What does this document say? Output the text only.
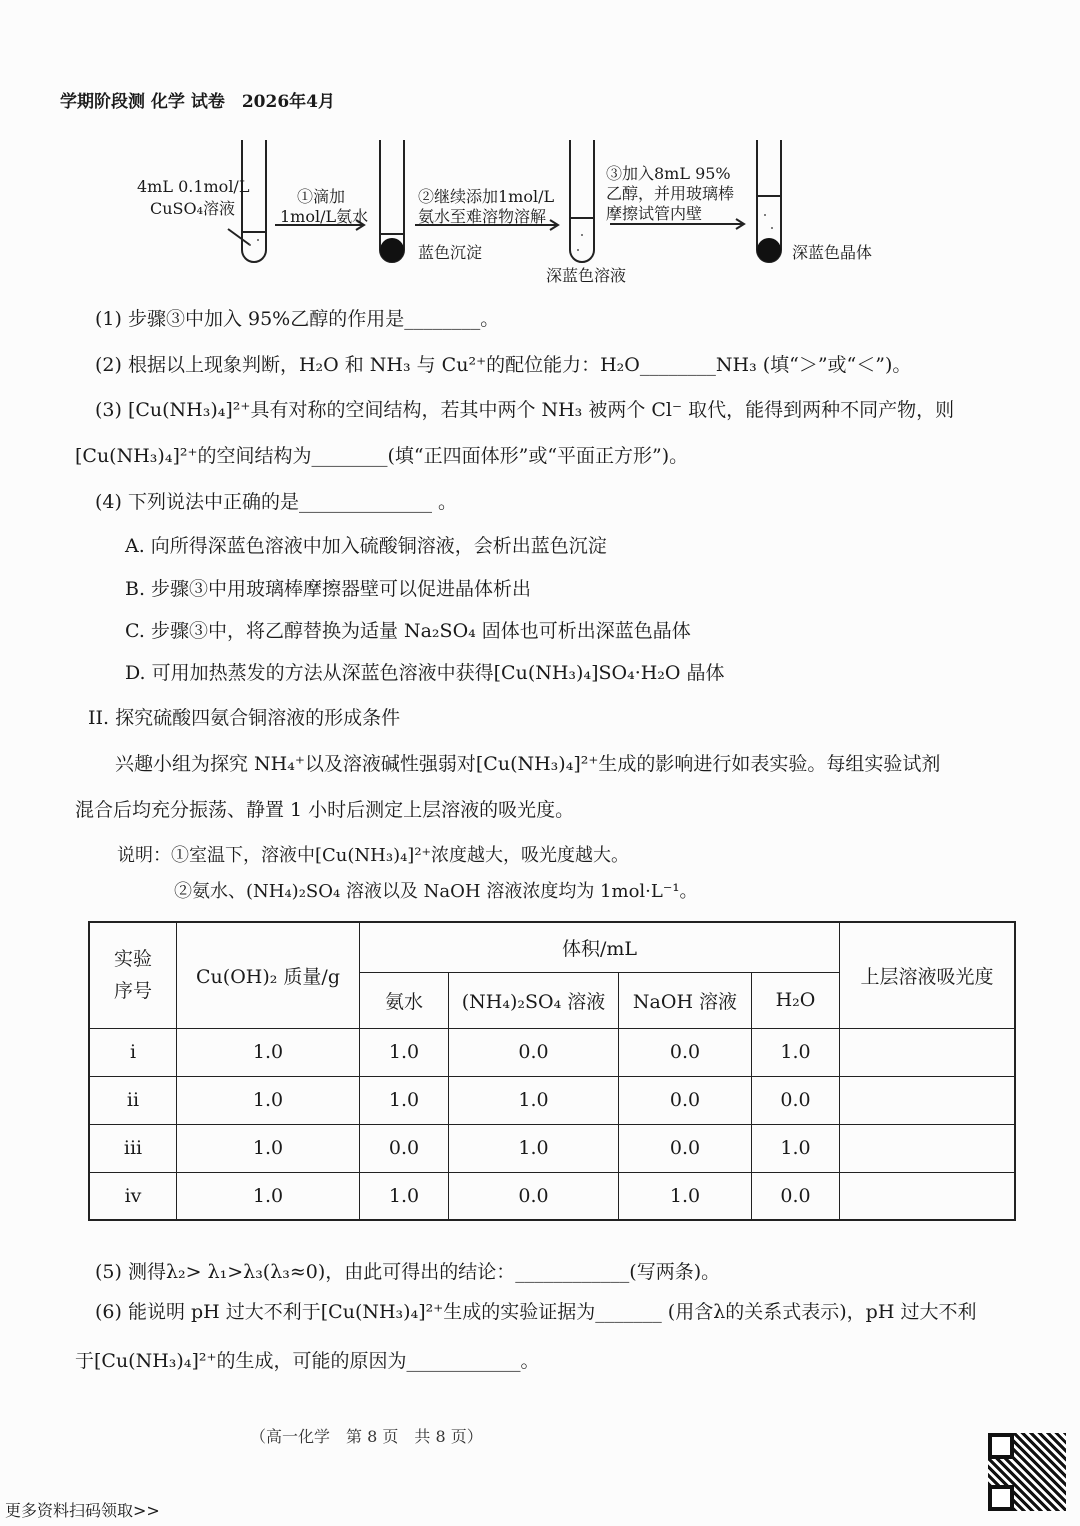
学期阶段测 化学 试卷　2026年4月
4mL 0.1mol/L
CuSO₄溶液
①滴加
1mol/L氨水
蓝色沉淀
②继续添加1mol/L
氨水至难溶物溶解
深蓝色溶液
③加入8mL 95%
乙醇，并用玻璃棒
摩擦试管内壁
深蓝色晶体
(1) 步骤③中加入 95%乙醇的作用是________。
(2) 根据以上现象判断，H₂O 和 NH₃ 与 Cu²⁺的配位能力：H₂O________NH₃ (填“＞”或“＜”)。
(3) [Cu(NH₃)₄]²⁺具有对称的空间结构，若其中两个 NH₃ 被两个 Cl⁻ 取代，能得到两种不同产物，则
[Cu(NH₃)₄]²⁺的空间结构为________(填“正四面体形”或“平面正方形”)。
(4) 下列说法中正确的是______________ 。
A. 向所得深蓝色溶液中加入硫酸铜溶液，会析出蓝色沉淀
B. 步骤③中用玻璃棒摩擦器壁可以促进晶体析出
C. 步骤③中，将乙醇替换为适量 Na₂SO₄ 固体也可析出深蓝色晶体
D. 可用加热蒸发的方法从深蓝色溶液中获得[Cu(NH₃)₄]SO₄·H₂O 晶体
II. 探究硫酸四氨合铜溶液的形成条件
兴趣小组为探究 NH₄⁺以及溶液碱性强弱对[Cu(NH₃)₄]²⁺生成的影响进行如表实验。每组实验试剂
混合后均充分振荡、静置 1 小时后测定上层溶液的吸光度。
说明：①室温下，溶液中[Cu(NH₃)₄]²⁺浓度越大，吸光度越大。
②氨水、(NH₄)₂SO₄ 溶液以及 NaOH 溶液浓度均为 1mol·L⁻¹。
实验序号	Cu(OH)₂ 质量/g	体积/mL				上层溶液吸光度
		氨水	(NH₄)₂SO₄ 溶液	NaOH 溶液	H₂O	
i	1.0	1.0	0.0	0.0	1.0	
ii	1.0	1.0	1.0	0.0	0.0	
iii	1.0	0.0	1.0	0.0	1.0	
iv	1.0	1.0	0.0	1.0	0.0	
(5) 测得λ₂> λ₁>λ₃(λ₃≈0)，由此可得出的结论：____________(写两条)。
(6) 能说明 pH 过大不利于[Cu(NH₃)₄]²⁺生成的实验证据为_______ (用含λ的关系式表示)，pH 过大不利
于[Cu(NH₃)₄]²⁺的生成，可能的原因为____________。
（高一化学　第 8 页　共 8 页）
更多资料扫码领取>>
